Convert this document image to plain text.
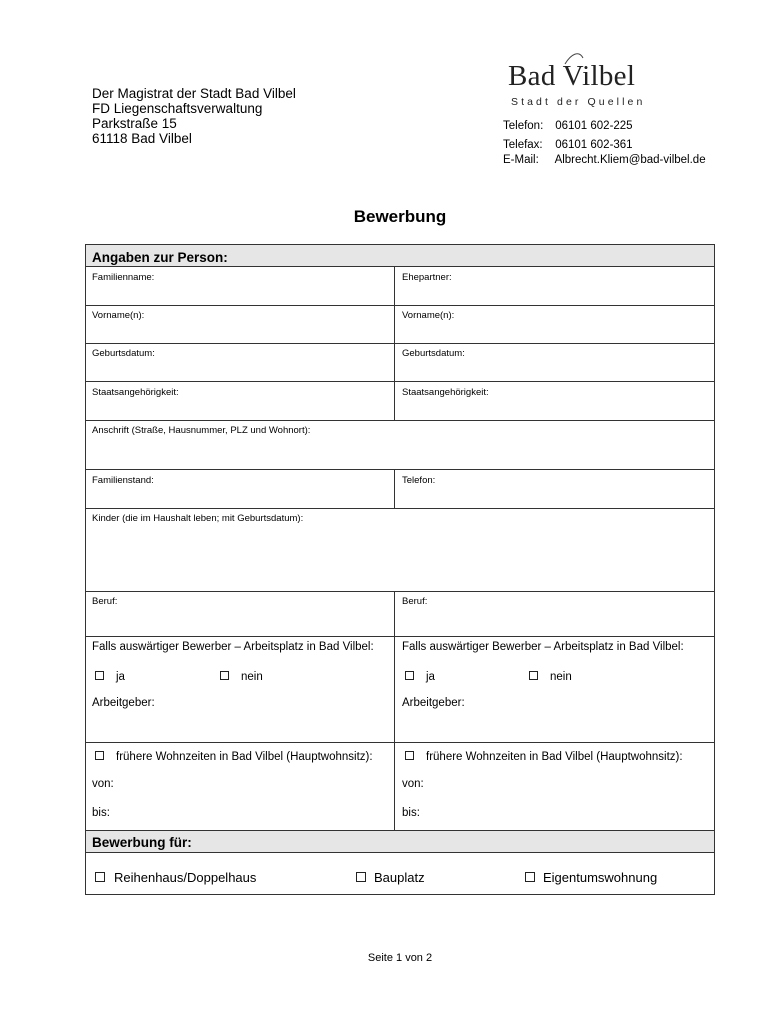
Der Magistrat der Stadt Bad Vilbel
FD Liegenschaftsverwaltung
Parkstraße 15
61118 Bad Vilbel
Bad Vilbel
Stadt der Quellen
Telefon: 06101 602-225
Telefax: 06101 602-361
E-Mail: Albrecht.Kliem@bad-vilbel.de
Bewerbung
Angaben zur Person:
Familienname:	Ehepartner:
Vorname(n):	Vorname(n):
Geburtsdatum:	Geburtsdatum:
Staatsangehörigkeit:	Staatsangehörigkeit:
Anschrift (Straße, Hausnummer, PLZ und Wohnort):
Familienstand:	Telefon:
Kinder (die im Haushalt leben; mit Geburtsdatum):
Beruf:	Beruf:
Falls auswärtiger Bewerber – Arbeitsplatz in Bad Vilbel: Falls auswärtiger Bewerber – Arbeitsplatz in Bad Vilbel:
ja	nein	ja	nein
Arbeitgeber:	Arbeitgeber:
frühere Wohnzeiten in Bad Vilbel (Hauptwohnsitz):	frühere Wohnzeiten in Bad Vilbel (Hauptwohnsitz):
von:	von:
bis:	bis:
Bewerbung für:
Reihenhaus/Doppelhaus	Bauplatz	Eigentumswohnung
Seite 1 von 2
